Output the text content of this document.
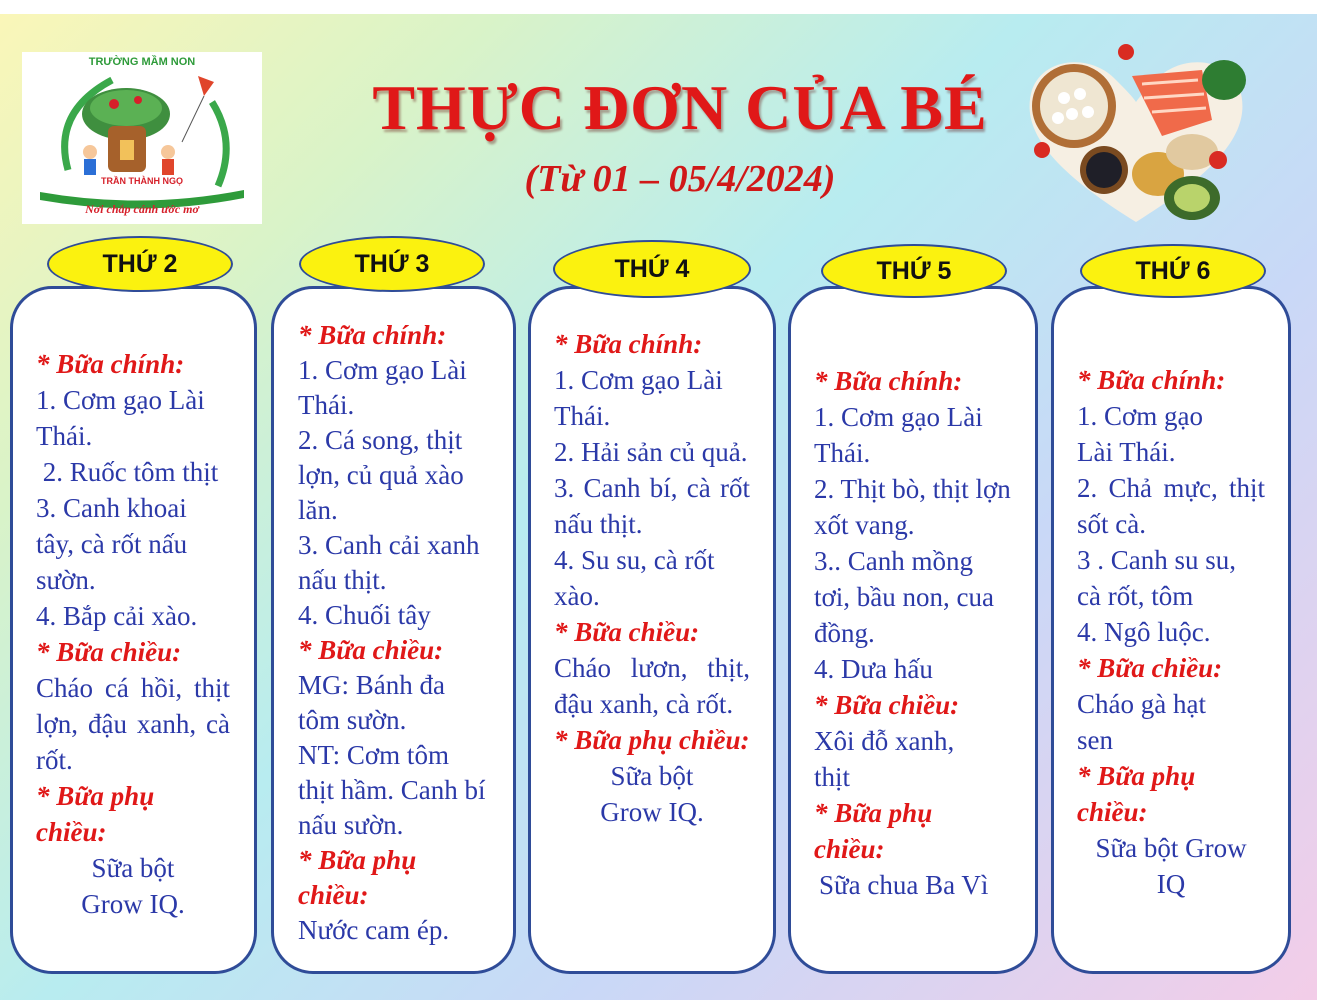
TRƯỜNG MẦM NON
TRẦN THÀNH NGỌ
Nơi chắp cánh ước mơ
THỰC ĐƠN CỦA BÉ
(Từ 01 – 05/4/2024)
THỨ 2

* Bữa chính:

1. Cơm gạo Lài Thái.

2. Ruốc tôm thịt

3. Canh khoai tây, cà rốt nấu sườn.

4. Bắp cải xào.

* Bữa chiều:

Cháo cá hồi, thịt lợn, đậu xanh, cà rốt.

* Bữa phụ chiều:

Sữa bột Grow IQ.

THỨ 3

* Bữa chính:

1. Cơm gạo Lài Thái.

2. Cá song, thịt lợn, củ quả xào lăn.

3. Canh cải xanh nấu thịt.

4. Chuối tây

* Bữa chiều:

MG: Bánh đa tôm sườn.

NT: Cơm tôm thịt hầm. Canh bí nấu sườn.

* Bữa phụ chiều:

Nước cam ép.

THỨ 4

* Bữa chính:

1. Cơm gạo Lài Thái.

2. Hải sản củ quả.

3. Canh bí, cà rốt nấu thịt.

4. Su su, cà rốt xào.

* Bữa chiều:

Cháo lươn, thịt, đậu xanh, cà rốt.

* Bữa phụ chiều:

Sữa bột Grow IQ.

THỨ 5

* Bữa chính:

1. Cơm gạo Lài Thái.

2. Thịt bò, thịt lợn xốt vang.

3.. Canh mồng tơi, bầu non, cua đồng.

4. Dưa hấu

* Bữa chiều:

Xôi đỗ xanh, thịt

* Bữa phụ chiều:

Sữa chua Ba Vì

THỨ 6

* Bữa chính:

1. Cơm gạo Lài Thái.

2. Chả mực, thịt sốt cà.

3 . Canh su su, cà rốt, tôm

4. Ngô luộc.

* Bữa chiều:

Cháo gà hạt sen

* Bữa phụ chiều:

Sữa bột Grow IQ
